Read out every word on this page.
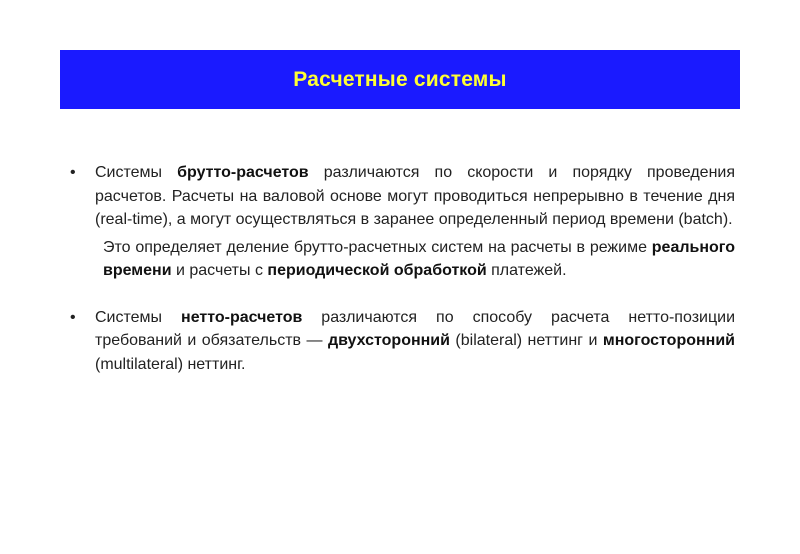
Расчетные системы
• Системы брутто-расчетов различаются по скорости и порядку проведения расчетов. Расчеты на валовой основе могут проводиться непрерывно в течение дня (real-time), а могут осуществляться в заранее определенный период времени (batch).
Это определяет деление брутто-расчетных систем на расчеты в режиме реального времени и расчеты с периодической обработкой платежей.
• Системы нетто-расчетов различаются по способу расчета нетто-позиции требований и обязательств — двухсторонний (bilateral) неттинг и многосторонний (multilateral) неттинг.
